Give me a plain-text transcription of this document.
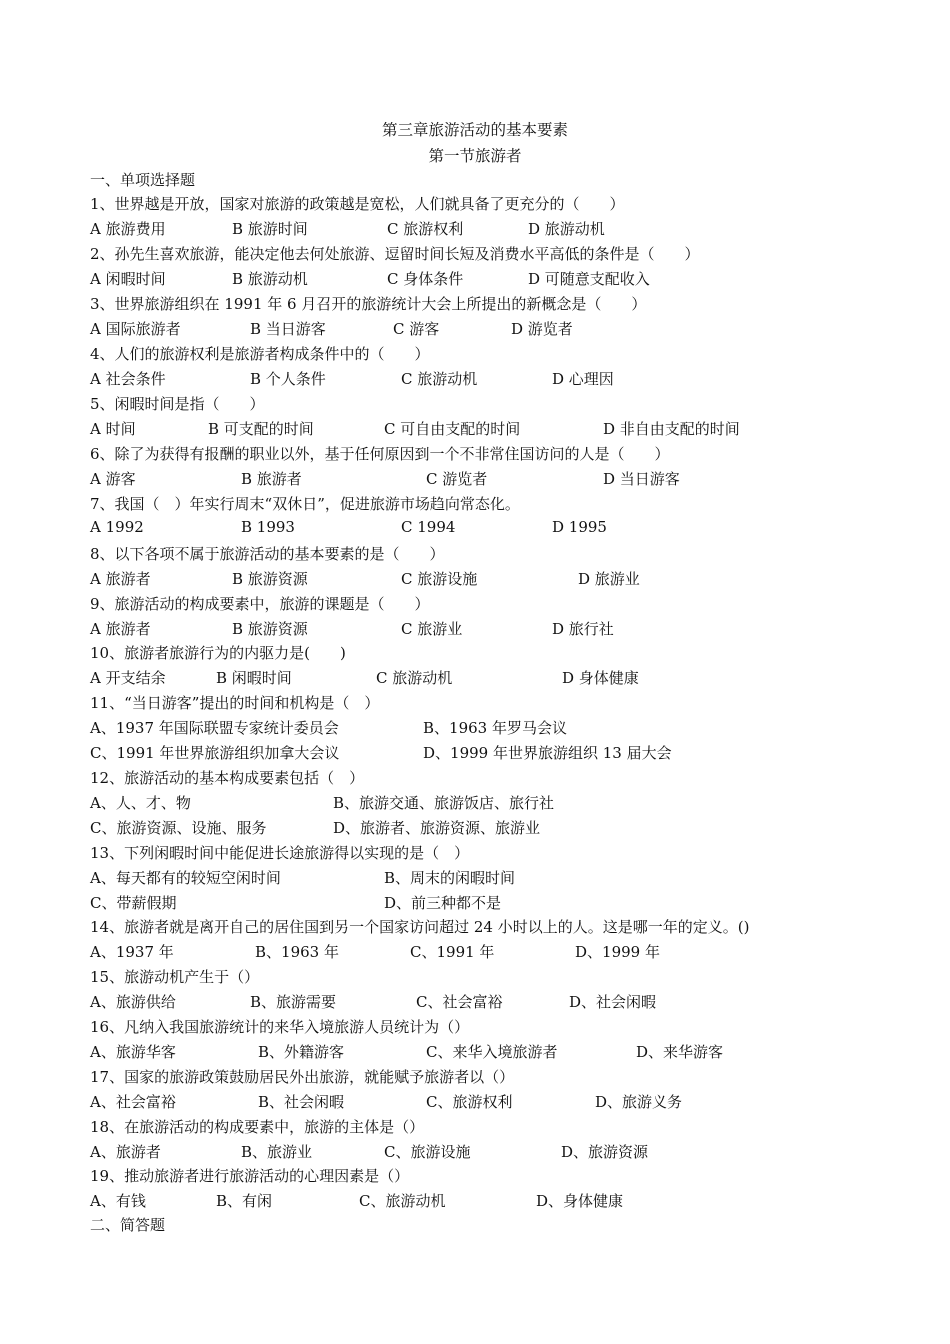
第三章旅游活动的基本要素
第一节旅游者
一、单项选择题
1、世界越是开放，国家对旅游的政策越是宽松，人们就具备了更充分的（　　）
A 旅游费用	B 旅游时间	C 旅游权利	D 旅游动机
2、孙先生喜欢旅游，能决定他去何处旅游、逗留时间长短及消费水平高低的条件是（　　）
A 闲暇时间	B 旅游动机	C 身体条件	D 可随意支配收入
3、世界旅游组织在 1991 年 6 月召开的旅游统计大会上所提出的新概念是（　　）
A 国际旅游者	B 当日游客	C 游客	D 游览者
4、人们的旅游权利是旅游者构成条件中的（　　）
A 社会条件	B 个人条件	C 旅游动机	D 心理因
5、闲暇时间是指（　　）
A 时间	B 可支配的时间	C 可自由支配的时间	D 非自由支配的时间
6、除了为获得有报酬的职业以外，基于任何原因到一个不非常住国访问的人是（　　）
A 游客	B 旅游者	C 游览者	D 当日游客
7、我国（　）年实行周末“双休日”，促进旅游市场趋向常态化。
A 1992	B 1993	C 1994	D 1995
8、以下各项不属于旅游活动的基本要素的是（　　）
A 旅游者	B 旅游资源	C 旅游设施	D 旅游业
9、旅游活动的构成要素中，旅游的课题是（　　）
A 旅游者	B 旅游资源	C 旅游业	D 旅行社
10、旅游者旅游行为的内驱力是(　　)
A 开支结余	B 闲暇时间	C 旅游动机	D 身体健康
11、“当日游客”提出的时间和机构是（　）
A、1937 年国际联盟专家统计委员会	B、1963 年罗马会议
C、1991 年世界旅游组织加拿大会议	D、1999 年世界旅游组织 13 届大会
12、旅游活动的基本构成要素包括（　）
A、人、才、物	B、旅游交通、旅游饭店、旅行社
C、旅游资源、设施、服务	D、旅游者、旅游资源、旅游业
13、下列闲暇时间中能促进长途旅游得以实现的是（　）
A、每天都有的较短空闲时间	B、周末的闲暇时间
C、带薪假期	D、前三种都不是
14、旅游者就是离开自己的居住国到另一个国家访问超过 24 小时以上的人。这是哪一年的定义。()
A、1937 年	B、1963 年	C、1991 年	D、1999 年
15、旅游动机产生于（）
A、旅游供给	B、旅游需要	C、社会富裕	D、社会闲暇
16、凡纳入我国旅游统计的来华入境旅游人员统计为（）
A、旅游华客	B、外籍游客	C、来华入境旅游者	D、来华游客
17、国家的旅游政策鼓励居民外出旅游，就能赋予旅游者以（）
A、社会富裕	B、社会闲暇	C、旅游权利	D、旅游义务
18、在旅游活动的构成要素中，旅游的主体是（）
A、旅游者	B、旅游业	C、旅游设施	D、旅游资源
19、推动旅游者进行旅游活动的心理因素是（）
A、有钱	B、有闲	C、旅游动机	D、身体健康
二、简答题
